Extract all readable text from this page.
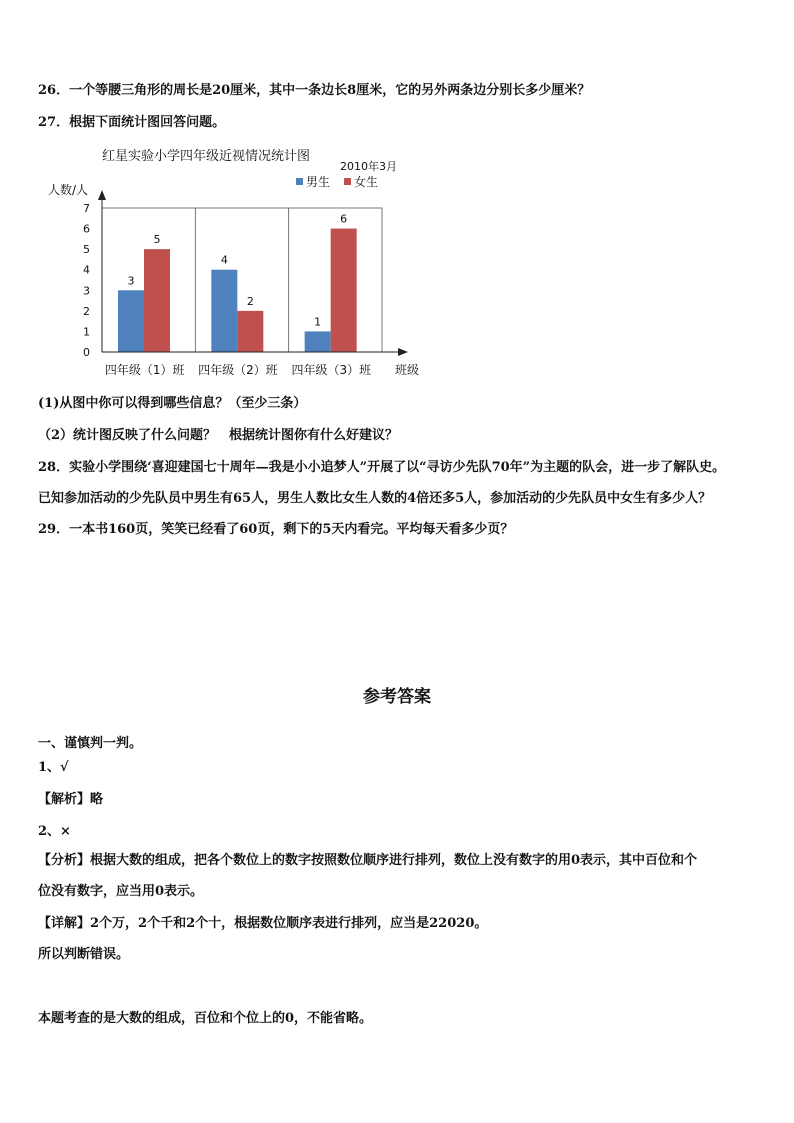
26．一个等腰三角形的周长是20厘米，其中一条边长8厘米，它的另外两条边分别长多少厘米？
27．根据下面统计图回答问题。
红星实验小学四年级近视情况统计图
2010年3月
人数/人
班级
男生 女生
0
1
2
3
4
5
6
7
3
5
4
2
1
6
四年级（1）班 四年级（2）班 四年级（3）班
(1)从图中你可以得到哪些信息？（至少三条）
（2）统计图反映了什么问题？　根据统计图你有什么好建议？
28．实验小学围绕‘喜迎建国七十周年—我是小小追梦人”开展了以“寻访少先队70年”为主题的队会，进一步了解队史。
已知参加活动的少先队员中男生有65人，男生人数比女生人数的4倍还多5人，参加活动的少先队员中女生有多少人？
29．一本书160页，笑笑已经看了60页，剩下的5天内看完。平均每天看多少页？
参考答案
一、谨慎判一判。
1、√
【解析】略
2、×
【分析】根据大数的组成，把各个数位上的数字按照数位顺序进行排列，数位上没有数字的用0表示，其中百位和个
位没有数字，应当用0表示。
【详解】2个万，2个千和2个十，根据数位顺序表进行排列，应当是22020。
所以判断错误。
本题考查的是大数的组成，百位和个位上的0，不能省略。
